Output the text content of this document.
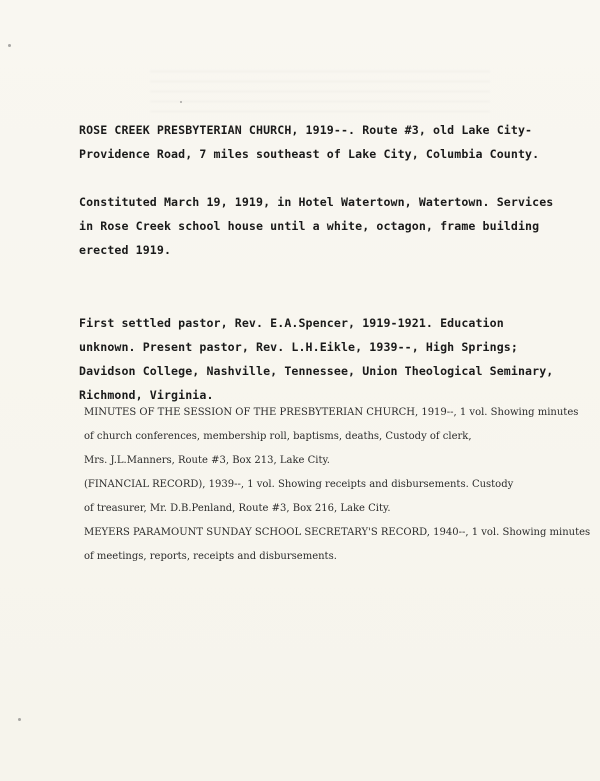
ROSE CREEK PRESBYTERIAN CHURCH, 1919--. Route #3, old Lake City-
Providence Road, 7 miles southeast of Lake City, Columbia County.
Constituted March 19, 1919, in Hotel Watertown, Watertown. Services
in Rose Creek school house until a white, octagon, frame building
erected 1919.
First settled pastor, Rev. E.A.Spencer, 1919-1921. Education
unknown. Present pastor, Rev. L.H.Eikle, 1939--, High Springs;
Davidson College, Nashville, Tennessee, Union Theological Seminary,
Richmond, Virginia.
MINUTES OF THE SESSION OF THE PRESBYTERIAN CHURCH, 1919--, 1 vol. Showing minutes
of church conferences, membership roll, baptisms, deaths, Custody of clerk,
Mrs. J.L.Manners, Route #3, Box 213, Lake City.
(FINANCIAL RECORD), 1939--, 1 vol. Showing receipts and disbursements. Custody
of treasurer, Mr. D.B.Penland, Route #3, Box 216, Lake City.
MEYERS PARAMOUNT SUNDAY SCHOOL SECRETARY'S RECORD, 1940--, 1 vol. Showing minutes
of meetings, reports, receipts and disbursements.
